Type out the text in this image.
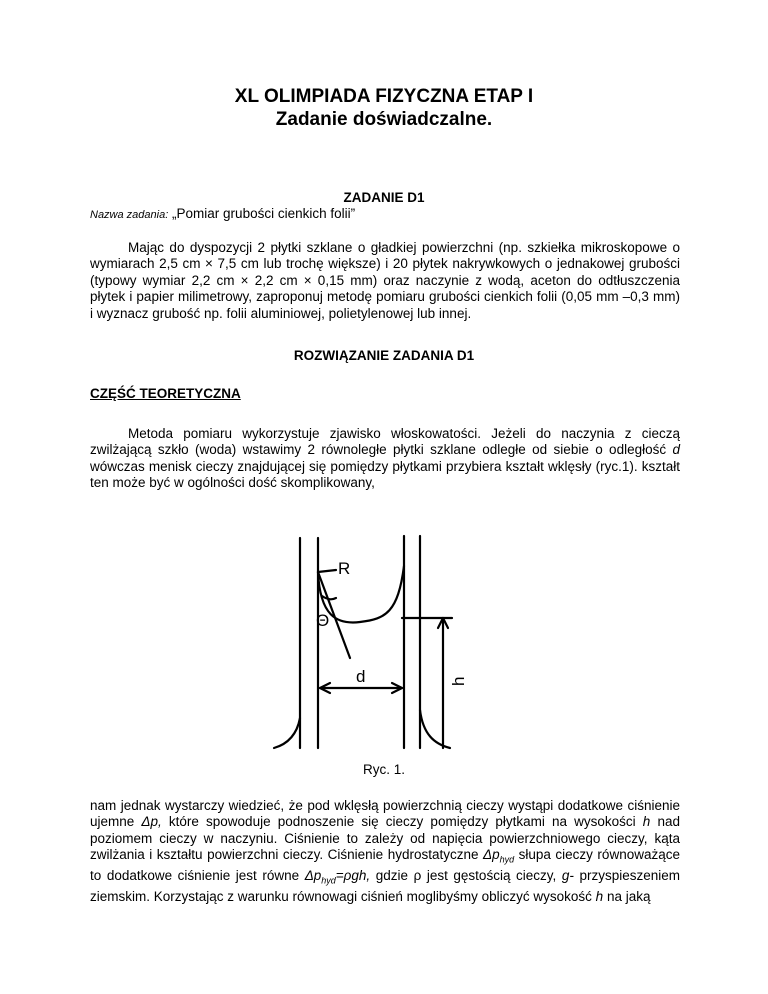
XL OLIMPIADA FIZYCZNA ETAP I
Zadanie doświadczalne.

ZADANIE D1

Nazwa zadania: „Pomiar grubości cienkich folii”

Mając do dyspozycji 2 płytki szklane o gładkiej powierzchni (np. szkiełka mikroskopowe o wymiarach 2,5 cm × 7,5 cm lub trochę większe) i 20 płytek nakrywkowych o jednakowej grubości (typowy wymiar 2,2 cm × 2,2 cm × 0,15 mm) oraz naczynie z wodą, aceton do odtłuszczenia płytek i papier milimetrowy, zaproponuj metodę pomiaru grubości cienkich folii (0,05 mm –0,3 mm) i wyznacz grubość np. folii aluminiowej, polietylenowej lub innej.

ROZWIĄZANIE ZADANIA D1

CZĘŚĆ TEORETYCZNA

Metoda pomiaru wykorzystuje zjawisko włoskowatości. Jeżeli do naczynia z cieczą zwilżającą szkło (woda) wstawimy 2 równoległe płytki szklane odległe od siebie o odległość d wówczas menisk cieczy znajdującej się pomiędzy płytkami przybiera kształt wklęsły (ryc.1). kształt ten może być w ogólności dość skomplikowany,

R
Θ
d	h

Ryc. 1.

nam jednak wystarczy wiedzieć, że pod wklęsłą powierzchnią cieczy wystąpi dodatkowe ciśnienie ujemne Δp, które spowoduje podnoszenie się cieczy pomiędzy płytkami na wysokości h nad poziomem cieczy w naczyniu. Ciśnienie to zależy od napięcia powierzchniowego cieczy, kąta zwilżania i kształtu powierzchni cieczy. Ciśnienie hydrostatyczne $\Delta p_{hyd}$ słupa cieczy równoważące to dodatkowe ciśnienie jest równe $\Delta p_{hyd}=\rho gh$, gdzie ρ jest gęstością cieczy, g- przyspieszeniem ziemskim. Korzystając z warunku równowagi ciśnień moglibyśmy obliczyć wysokość h na jaką
